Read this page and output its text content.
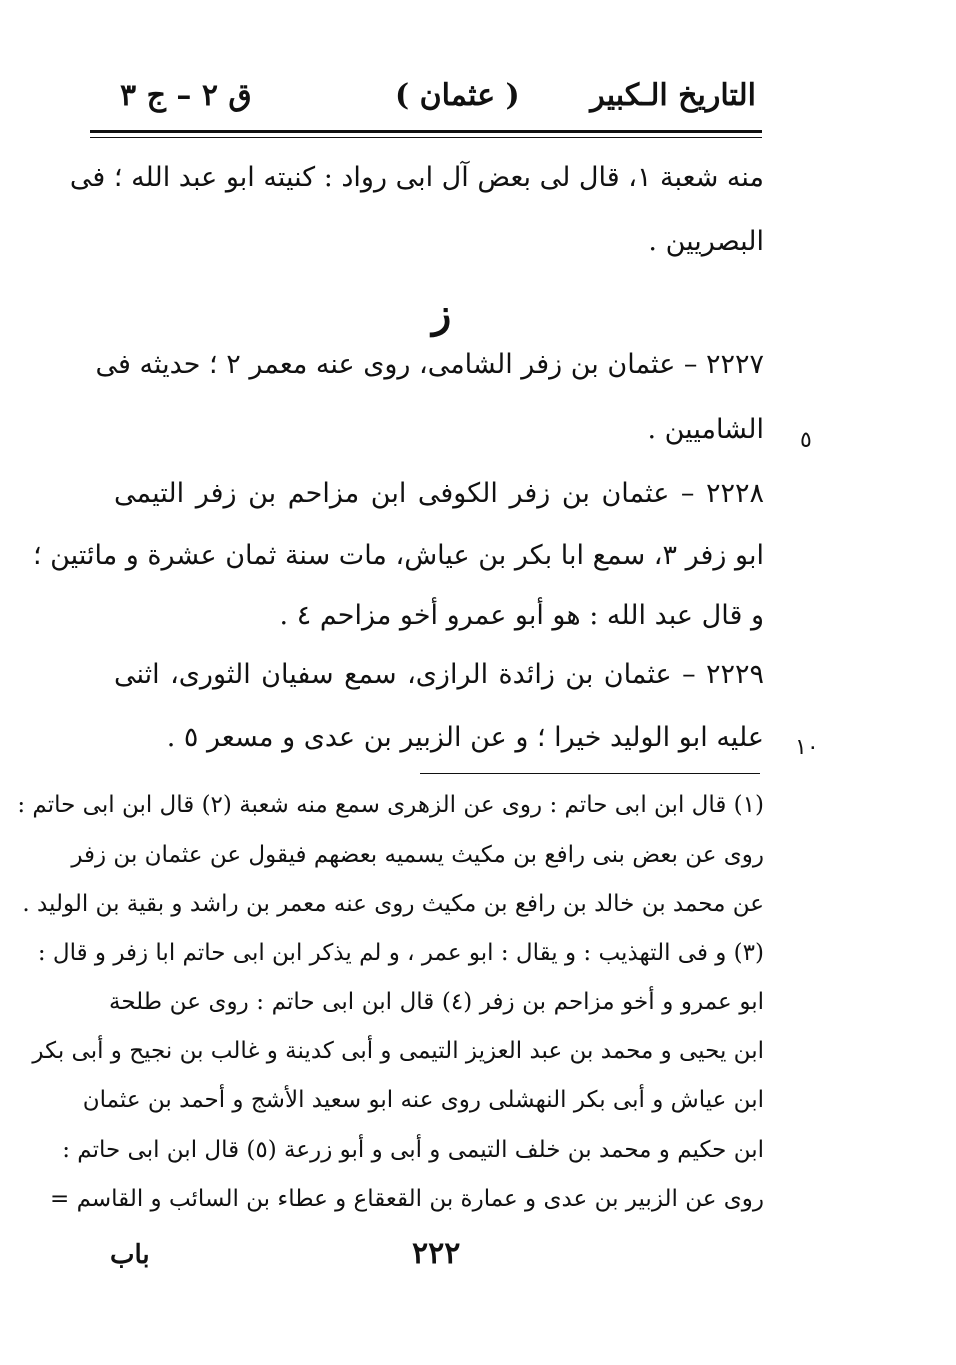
التاريخ الـكبير
( عثمان )
ق ٢ – ج ٣
منه شعبة ١، قال لى بعض آل ابى رواد : كنيته ابو عبد الله ؛ فى
البصريين .
ز
٢٢٢٧ – عثمان بن زفر الشامى، روى عنه معمر ٢ ؛ حديثه فى
الشاميين . ٥
٢٢٢٨ – عثمان بن زفر الكوفى ابن مزاحم بن زفر التيمى
ابو زفر ٣، سمع ابا بكر بن عياش، مات سنة ثمان عشرة و مائتين ؛
و قال عبد الله : هو أبو عمرو أخو مزاحم ٤ .
٢٢٢٩ – عثمان بن زائدة الرازى، سمع سفيان الثورى، اثنى
عليه ابو الوليد خيرا ؛ و عن الزبير بن عدى و مسعر ٥ . ١٠
(١) قال ابن ابى حاتم : روى عن الزهرى سمع منه شعبة (٢) قال ابن ابى حاتم :
روى عن بعض بنى رافع بن مكيث يسميه بعضهم فيقول عن عثمان بن زفر
عن محمد بن خالد بن رافع بن مكيث روى عنه معمر بن راشد و بقية بن الوليد .
(٣) و فى التهذيب : و يقال : ابو عمر ، و لم يذكر ابن ابى حاتم ابا زفر و قال :
ابو عمرو و أخو مزاحم بن زفر (٤) قال ابن ابى حاتم : روى عن طلحة
ابن يحيى و محمد بن عبد العزيز التيمى و أبى كدينة و غالب بن نجيح و أبى بكر
ابن عياش و أبى بكر النهشلى روى عنه ابو سعيد الأشج و أحمد بن عثمان
ابن حكيم و محمد بن خلف التيمى و أبى و أبو زرعة (٥) قال ابن ابى حاتم :
روى عن الزبير بن عدى و عمارة بن القعقاع و عطاء بن السائب و القاسم =
٢٢٢
باب
